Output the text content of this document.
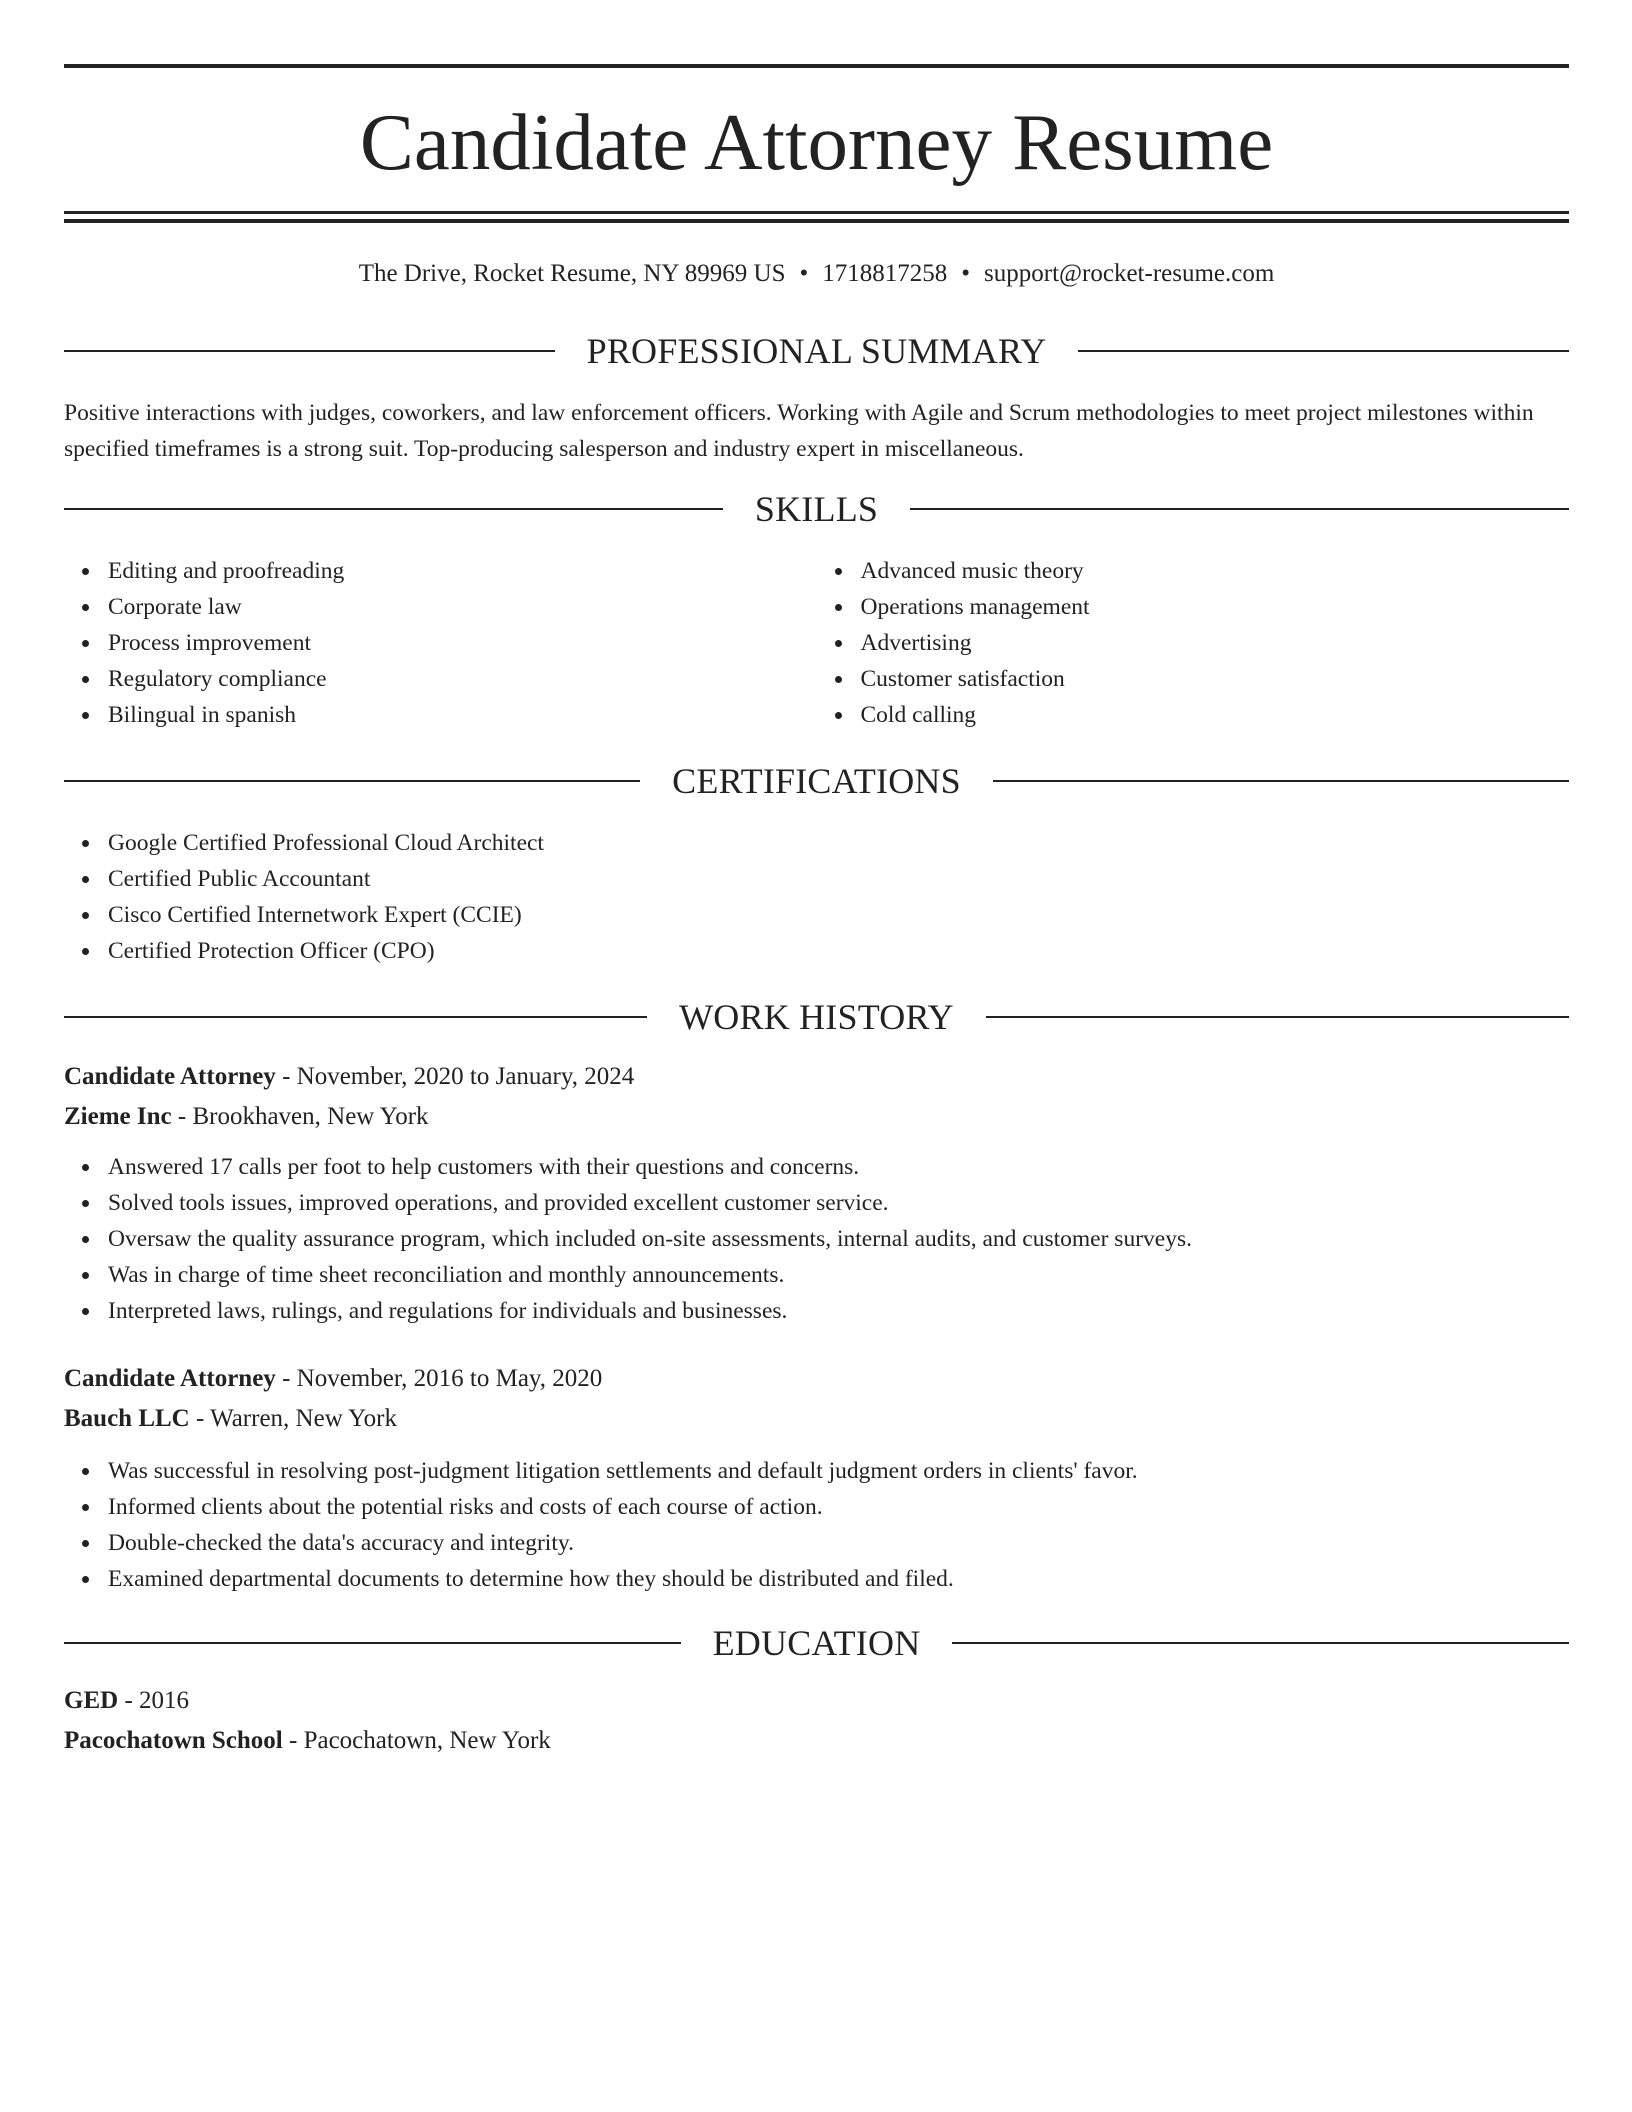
Candidate Attorney Resume
The Drive, Rocket Resume, NY 89969 US • 1718817258 • support@rocket-resume.com
PROFESSIONAL SUMMARY
Positive interactions with judges, coworkers, and law enforcement officers. Working with Agile and Scrum methodologies to meet project milestones within specified timeframes is a strong suit. Top-producing salesperson and industry expert in miscellaneous.
SKILLS
Editing and proofreading
Corporate law
Process improvement
Regulatory compliance
Bilingual in spanish
Advanced music theory
Operations management
Advertising
Customer satisfaction
Cold calling
CERTIFICATIONS
Google Certified Professional Cloud Architect
Certified Public Accountant
Cisco Certified Internetwork Expert (CCIE)
Certified Protection Officer (CPO)
WORK HISTORY
Candidate Attorney - November, 2020 to January, 2024
Zieme Inc - Brookhaven, New York
Answered 17 calls per foot to help customers with their questions and concerns.
Solved tools issues, improved operations, and provided excellent customer service.
Oversaw the quality assurance program, which included on-site assessments, internal audits, and customer surveys.
Was in charge of time sheet reconciliation and monthly announcements.
Interpreted laws, rulings, and regulations for individuals and businesses.
Candidate Attorney - November, 2016 to May, 2020
Bauch LLC - Warren, New York
Was successful in resolving post-judgment litigation settlements and default judgment orders in clients' favor.
Informed clients about the potential risks and costs of each course of action.
Double-checked the data's accuracy and integrity.
Examined departmental documents to determine how they should be distributed and filed.
EDUCATION
GED - 2016
Pacochatown School - Pacochatown, New York
